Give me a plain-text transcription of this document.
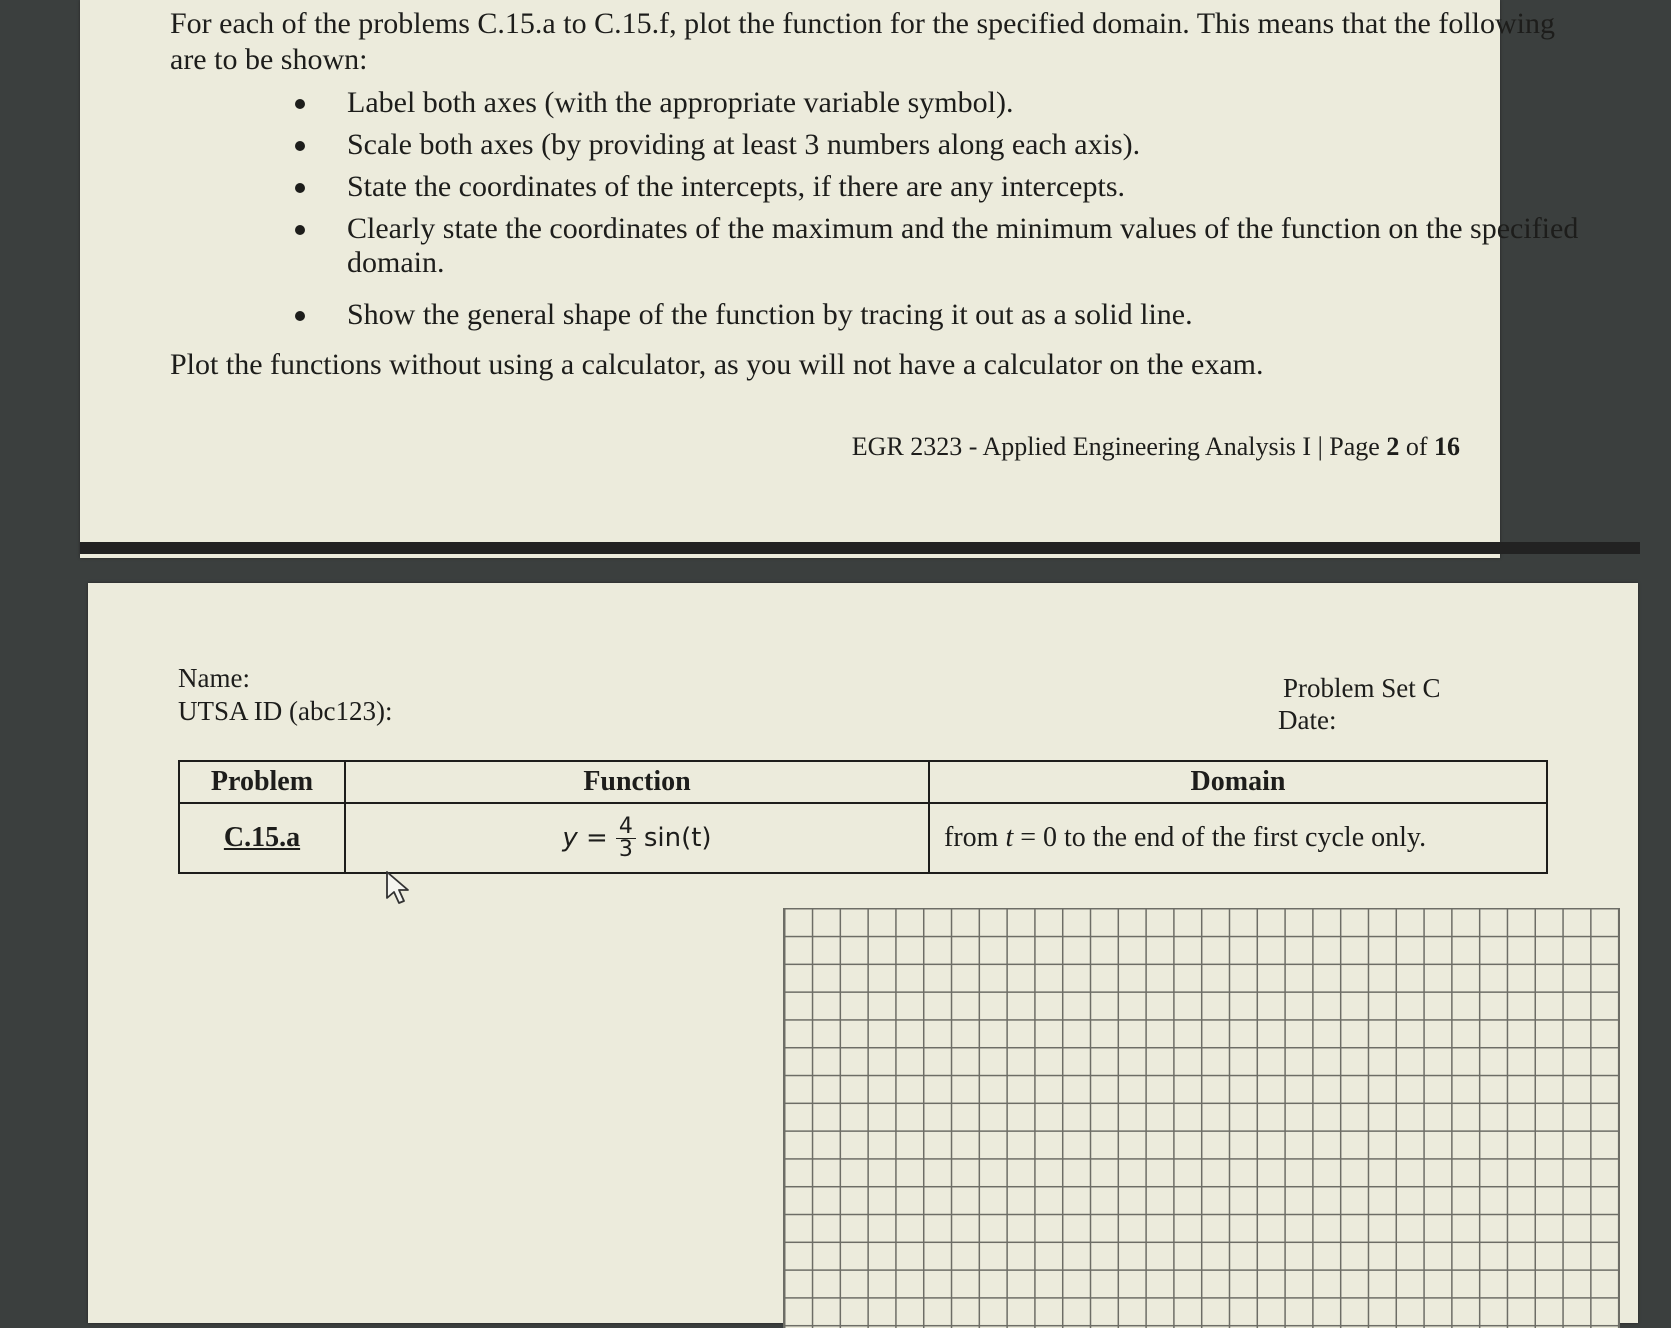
For each of the problems C.15.a to C.15.f, plot the function for the specified domain. This means that the following are to be shown:
Label both axes (with the appropriate variable symbol).
Scale both axes (by providing at least 3 numbers along each axis).
State the coordinates of the intercepts, if there are any intercepts.
Clearly state the coordinates of the maximum and the minimum values of the function on the specified domain.
Show the general shape of the function by tracing it out as a solid line.
Plot the functions without using a calculator, as you will not have a calculator on the exam.
EGR 2323 - Applied Engineering Analysis I | Page 2 of 16
Name:
UTSA ID (abc123):
Problem Set C
Date:
Problem	Function	Domain
C.15.a	$y = \frac{4}{3} \sin(t)$	from t = 0 to the end of the first cycle only.
